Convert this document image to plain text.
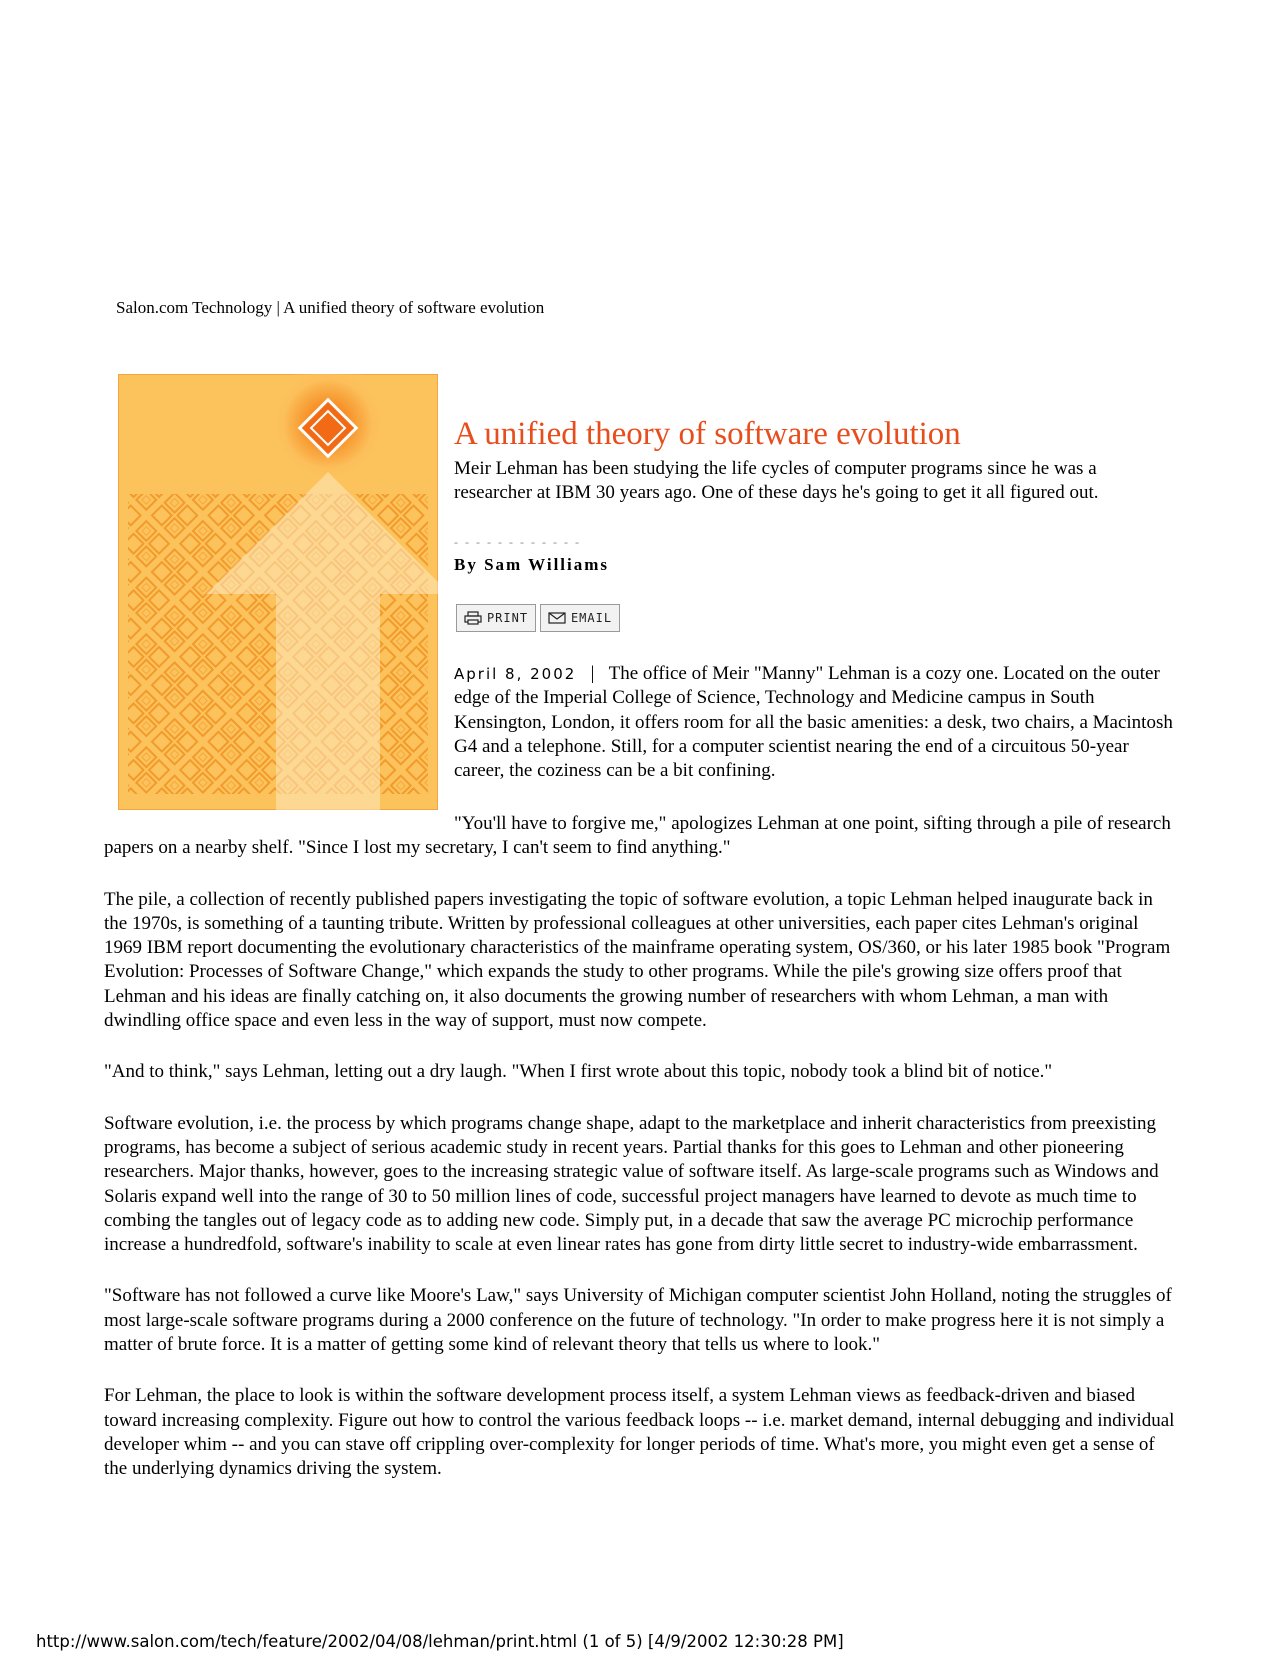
Salon.com Technology | A unified theory of software evolution
A unified theory of software evolution
Meir Lehman has been studying the life cycles of computer programs since he was a researcher at IBM 30 years ago. One of these days he's going to get it all figured out.
- - - - - - - - - - - -
By Sam Williams
PRINT	EMAIL
April 8, 2002 | The office of Meir "Manny" Lehman is a cozy one. Located on the outer edge of the Imperial College of Science, Technology and Medicine campus in South Kensington, London, it offers room for all the basic amenities: a desk, two chairs, a Macintosh G4 and a telephone. Still, for a computer scientist nearing the end of a circuitous 50-year career, the coziness can be a bit confining.

"You'll have to forgive me," apologizes Lehman at one point, sifting through a pile of research papers on a nearby shelf. "Since I lost my secretary, I can't seem to find anything."

The pile, a collection of recently published papers investigating the topic of software evolution, a topic Lehman helped inaugurate back in the 1970s, is something of a taunting tribute. Written by professional colleagues at other universities, each paper cites Lehman's original 1969 IBM report documenting the evolutionary characteristics of the mainframe operating system, OS/360, or his later 1985 book "Program Evolution: Processes of Software Change," which expands the study to other programs. While the pile's growing size offers proof that Lehman and his ideas are finally catching on, it also documents the growing number of researchers with whom Lehman, a man with dwindling office space and even less in the way of support, must now compete.

"And to think," says Lehman, letting out a dry laugh. "When I first wrote about this topic, nobody took a blind bit of notice."

Software evolution, i.e. the process by which programs change shape, adapt to the marketplace and inherit characteristics from preexisting programs, has become a subject of serious academic study in recent years. Partial thanks for this goes to Lehman and other pioneering researchers. Major thanks, however, goes to the increasing strategic value of software itself. As large-scale programs such as Windows and Solaris expand well into the range of 30 to 50 million lines of code, successful project managers have learned to devote as much time to combing the tangles out of legacy code as to adding new code. Simply put, in a decade that saw the average PC microchip performance increase a hundredfold, software's inability to scale at even linear rates has gone from dirty little secret to industry-wide embarrassment.

"Software has not followed a curve like Moore's Law," says University of Michigan computer scientist John Holland, noting the struggles of most large-scale software programs during a 2000 conference on the future of technology. "In order to make progress here it is not simply a matter of brute force. It is a matter of getting some kind of relevant theory that tells us where to look."

For Lehman, the place to look is within the software development process itself, a system Lehman views as feedback-driven and biased toward increasing complexity. Figure out how to control the various feedback loops -- i.e. market demand, internal debugging and individual developer whim -- and you can stave off crippling over-complexity for longer periods of time. What's more, you might even get a sense of the underlying dynamics driving the system.

http://www.salon.com/tech/feature/2002/04/08/lehman/print.html (1 of 5) [4/9/2002 12:30:28 PM]
